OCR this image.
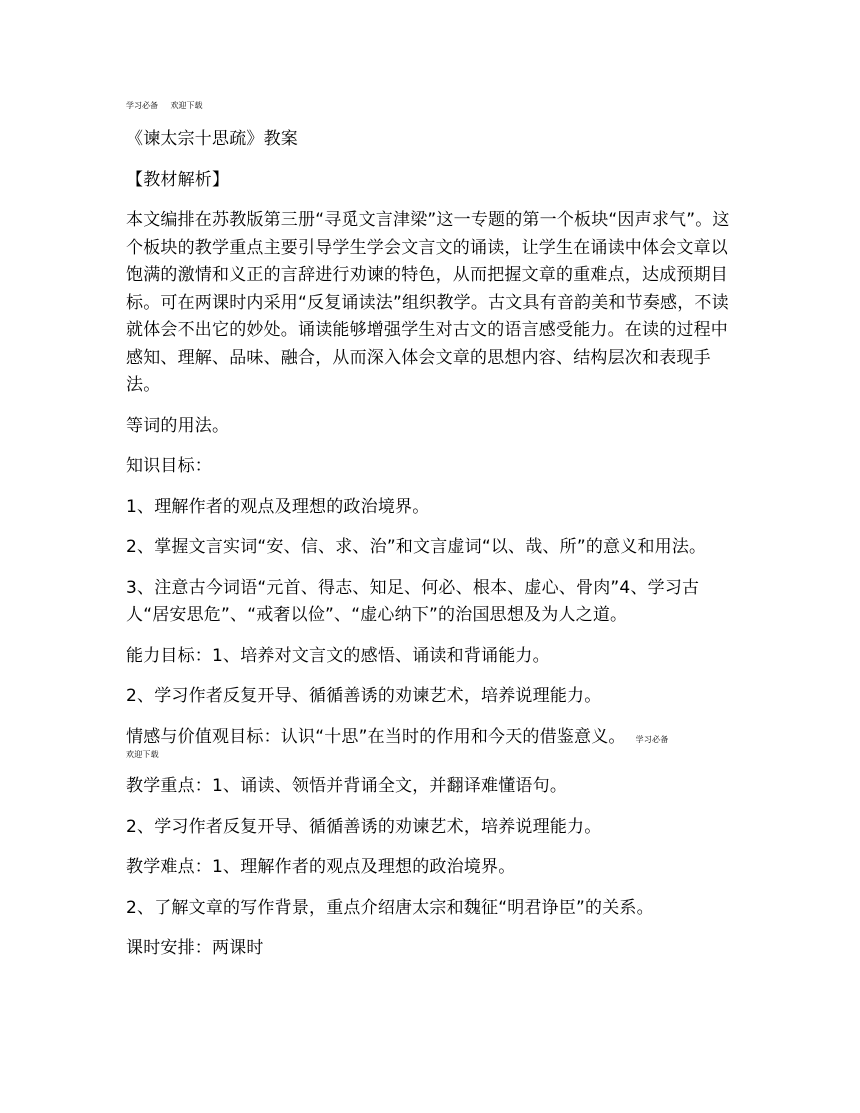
学习必备 欢迎下载

《谏太宗十思疏》教案

【教材解析】

本文编排在苏教版第三册“寻觅文言津梁”这一专题的第一个板块“因声求气”。这个板块的教学重点主要引导学生学会文言文的诵读，让学生在诵读中体会文章以饱满的激情和义正的言辞进行劝谏的特色，从而把握文章的重难点，达成预期目标。可在两课时内采用“反复诵读法”组织教学。古文具有音韵美和节奏感，不读就体会不出它的妙处。诵读能够增强学生对古文的语言感受能力。在读的过程中感知、理解、品味、融合，从而深入体会文章的思想内容、结构层次和表现手法。

等词的用法。

知识目标：

1、理解作者的观点及理想的政治境界。

2、掌握文言实词“安、信、求、治”和文言虚词“以、哉、所”的意义和用法。

3、注意古今词语“元首、得志、知足、何必、根本、虚心、骨肉”4、学习古人“居安思危”、“戒奢以俭”、“虚心纳下”的治国思想及为人之道。

能力目标：1、培养对文言文的感悟、诵读和背诵能力。

2、学习作者反复开导、循循善诱的劝谏艺术，培养说理能力。

情感与价值观目标：认识“十思”在当时的作用和今天的借鉴意义。 学习必备
欢迎下载

教学重点：1、诵读、领悟并背诵全文，并翻译难懂语句。

2、学习作者反复开导、循循善诱的劝谏艺术，培养说理能力。

教学难点：1、理解作者的观点及理想的政治境界。

2、了解文章的写作背景，重点介绍唐太宗和魏征“明君诤臣”的关系。

课时安排：两课时
